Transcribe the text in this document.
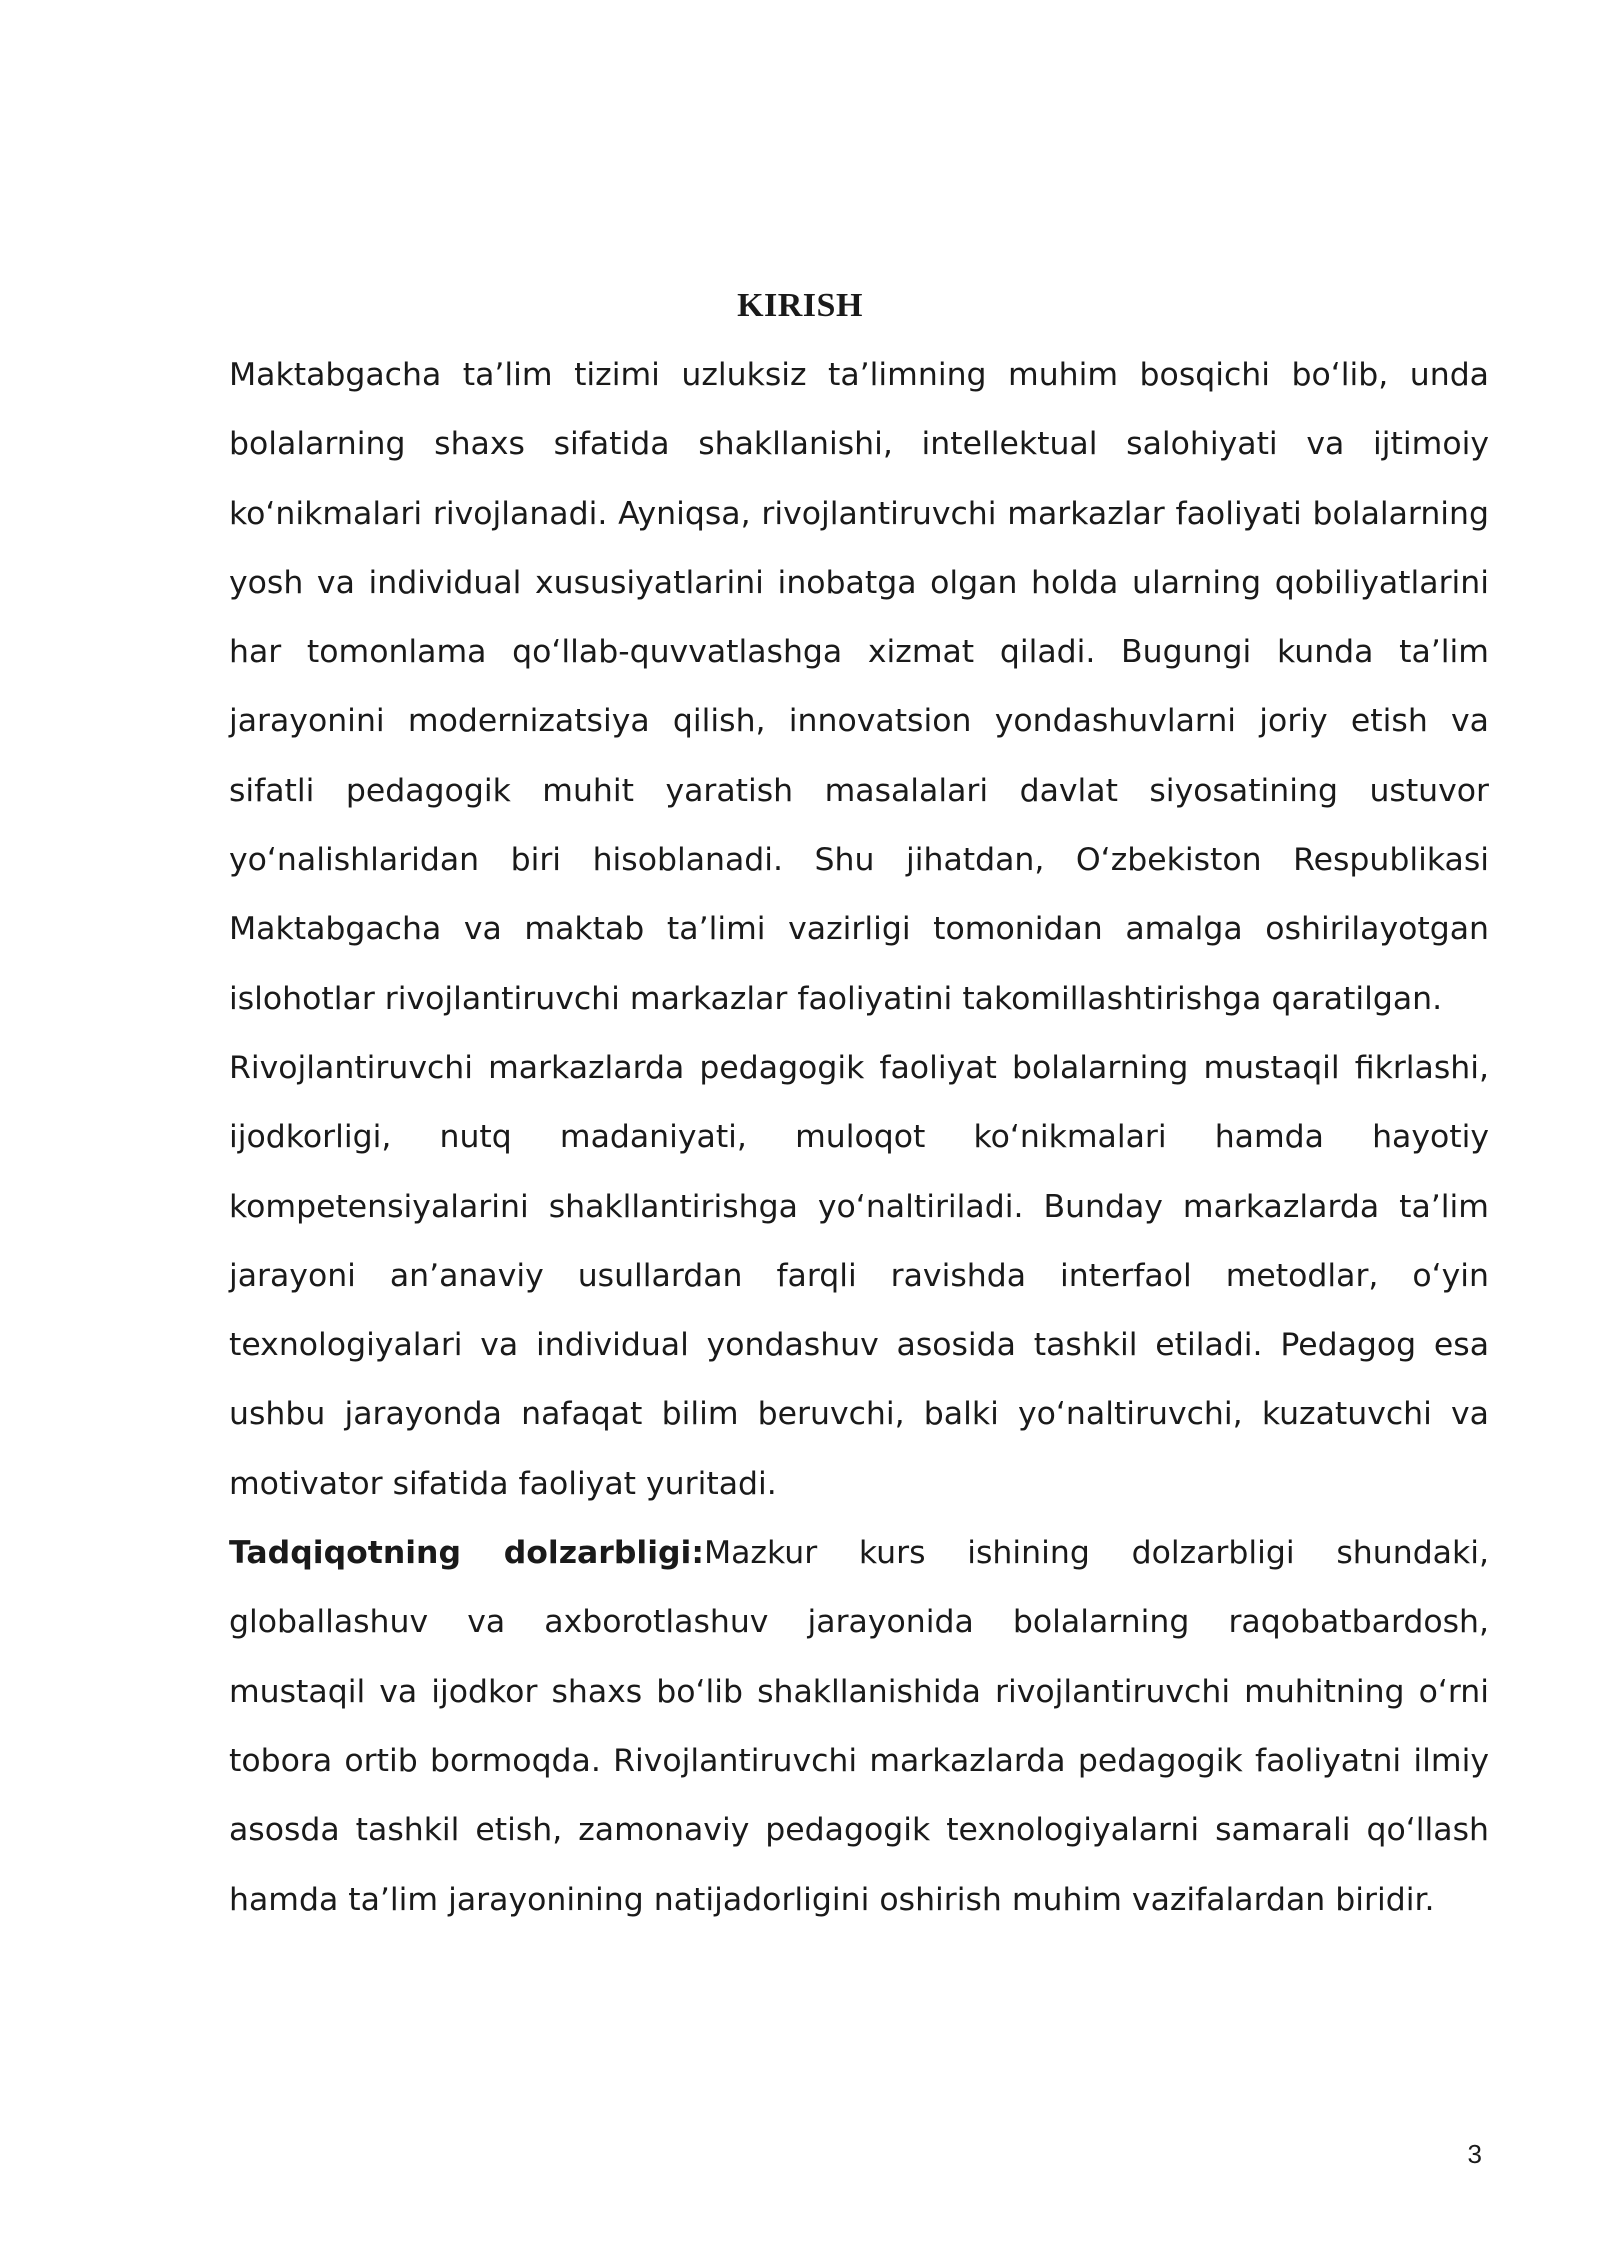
KIRISH

Maktabgacha ta’lim tizimi uzluksiz ta’limning muhim bosqichi bo‘lib, unda bolalarning shaxs sifatida shakllanishi, intellektual salohiyati va ijtimoiy ko‘nikmalari rivojlanadi. Ayniqsa, rivojlantiruvchi markazlar faoliyati bolalarning yosh va individual xususiyatlarini inobatga olgan holda ularning qobiliyatlarini har tomonlama qo‘llab-quvvatlashga xizmat qiladi. Bugungi kunda ta’lim jarayonini modernizatsiya qilish, innovatsion yondashuvlarni joriy etish va sifatli pedagogik muhit yaratish masalalari davlat siyosatining ustuvor yo‘nalishlaridan biri hisoblanadi. Shu jihatdan, O‘zbekiston Respublikasi Maktabgacha va maktab ta’limi vazirligi tomonidan amalga oshirilayotgan islohotlar rivojlantiruvchi markazlar faoliyatini takomillashtirishga qaratilgan.

Rivojlantiruvchi markazlarda pedagogik faoliyat bolalarning mustaqil fikrlashi, ijodkorligi, nutq madaniyati, muloqot ko‘nikmalari hamda hayotiy kompetensiyalarini shakllantirishga yo‘naltiriladi. Bunday markazlarda ta’lim jarayoni an’anaviy usullardan farqli ravishda interfaol metodlar, o‘yin texnologiyalari va individual yondashuv asosida tashkil etiladi. Pedagog esa ushbu jarayonda nafaqat bilim beruvchi, balki yo‘naltiruvchi, kuzatuvchi va motivator sifatida faoliyat yuritadi.

Tadqiqotning dolzarbligi:Mazkur kurs ishining dolzarbligi shundaki, globallashuv va axborotlashuv jarayonida bolalarning raqobatbardosh, mustaqil va ijodkor shaxs bo‘lib shakllanishida rivojlantiruvchi muhitning o‘rni tobora ortib bormoqda. Rivojlantiruvchi markazlarda pedagogik faoliyatni ilmiy asosda tashkil etish, zamonaviy pedagogik texnologiyalarni samarali qo‘llash hamda ta’lim jarayonining natijadorligini oshirish muhim vazifalardan biridir.

3
